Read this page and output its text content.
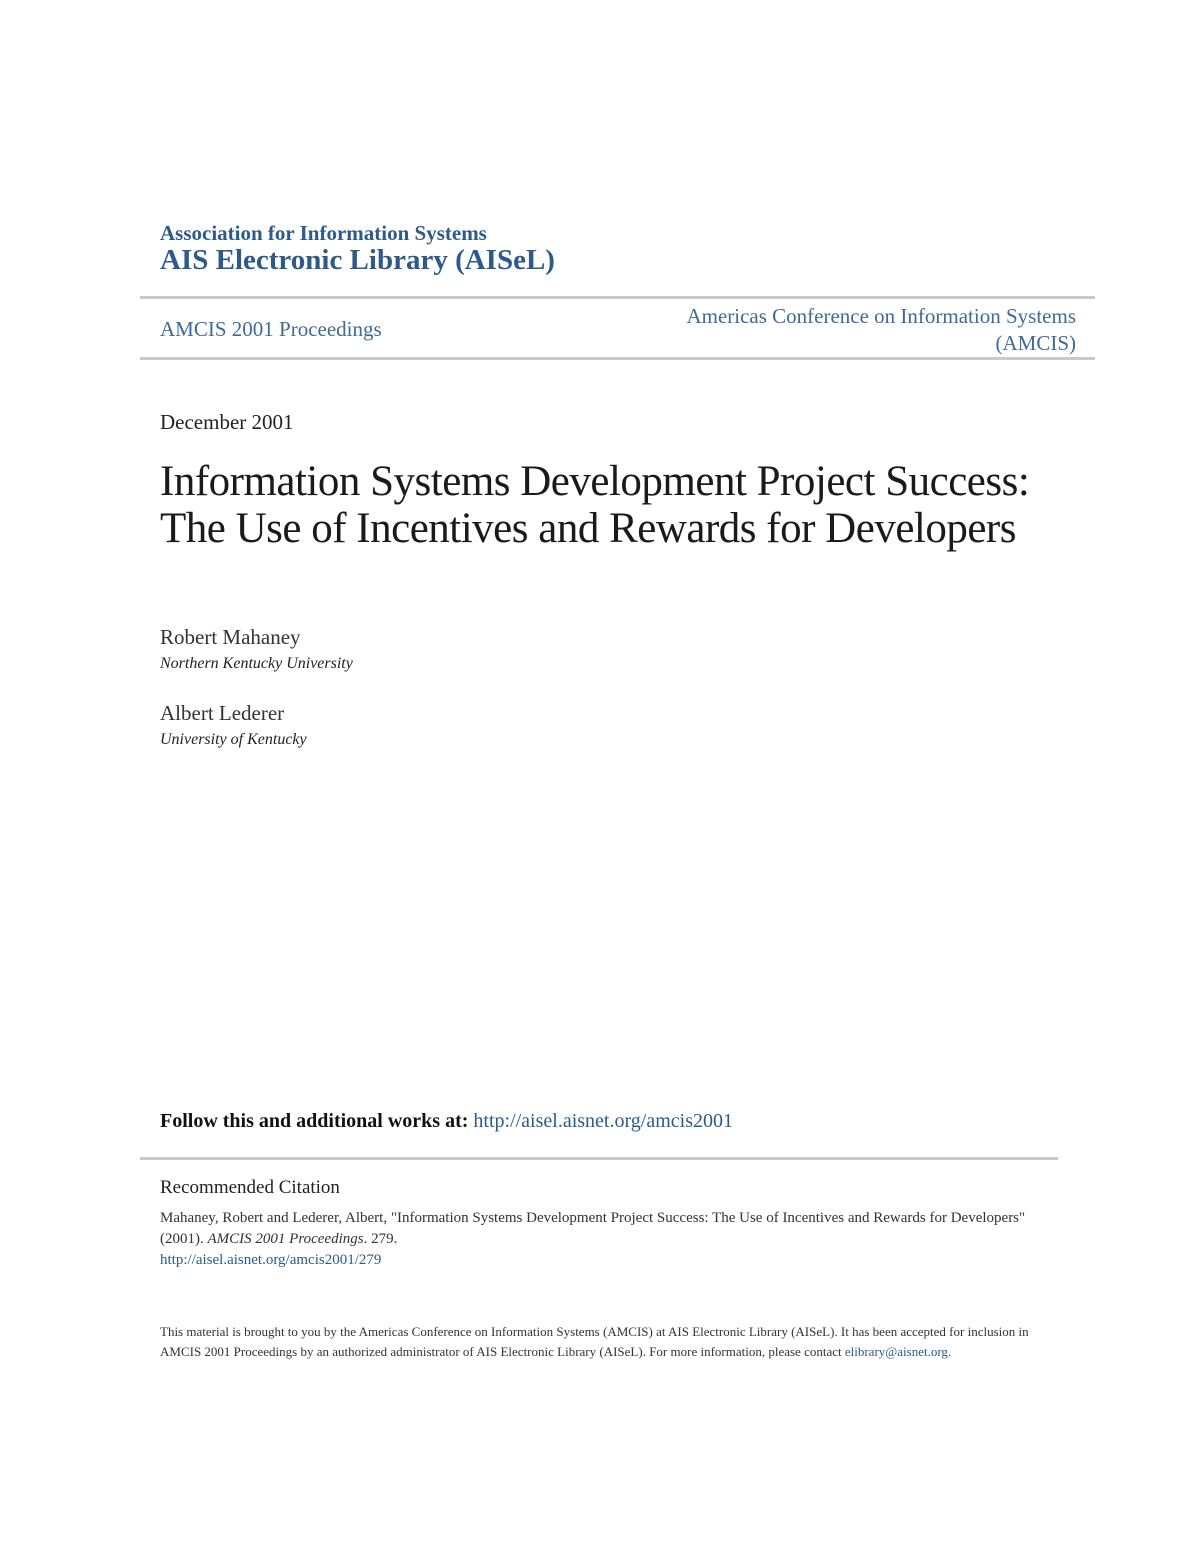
Association for Information Systems
AIS Electronic Library (AISeL)
AMCIS 2001 Proceedings
Americas Conference on Information Systems (AMCIS)
December 2001
Information Systems Development Project Success: The Use of Incentives and Rewards for Developers
Robert Mahaney
Northern Kentucky University
Albert Lederer
University of Kentucky
Follow this and additional works at: http://aisel.aisnet.org/amcis2001
Recommended Citation
Mahaney, Robert and Lederer, Albert, "Information Systems Development Project Success: The Use of Incentives and Rewards for Developers" (2001). AMCIS 2001 Proceedings. 279.
http://aisel.aisnet.org/amcis2001/279
This material is brought to you by the Americas Conference on Information Systems (AMCIS) at AIS Electronic Library (AISeL). It has been accepted for inclusion in AMCIS 2001 Proceedings by an authorized administrator of AIS Electronic Library (AISeL). For more information, please contact elibrary@aisnet.org.
